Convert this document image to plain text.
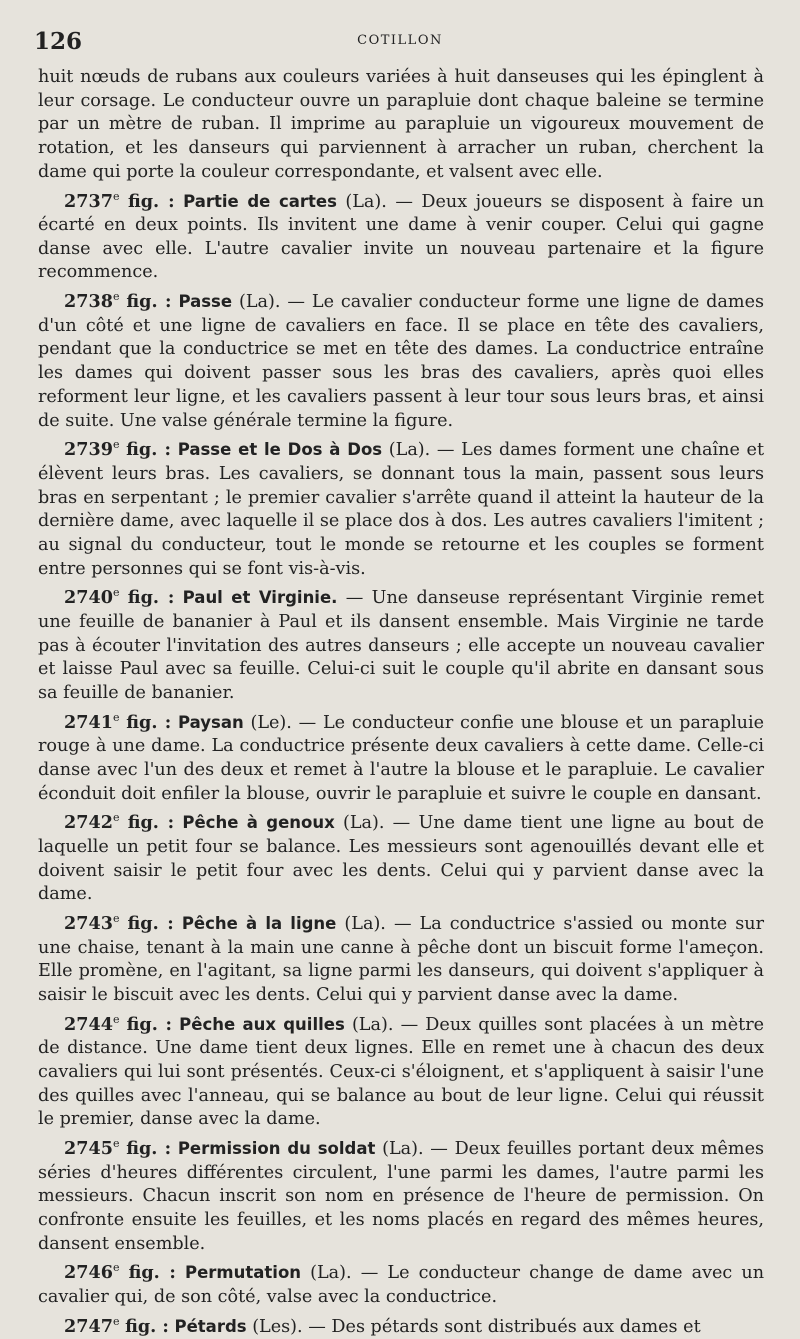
126	COTILLON

huit nœuds de rubans aux couleurs variées à huit danseuses qui les épinglent à leur corsage. Le conducteur ouvre un parapluie dont chaque baleine se termine par un mètre de ruban. Il imprime au parapluie un vigoureux mouvement de rotation, et les danseurs qui parviennent à arracher un ruban, cherchent la dame qui porte la couleur correspondante, et valsent avec elle.

2737e fig. : Partie de cartes (La). — Deux joueurs se disposent à faire un écarté en deux points. Ils invitent une dame à venir couper. Celui qui gagne danse avec elle. L'autre cavalier invite un nouveau partenaire et la figure recommence.

2738e fig. : Passe (La). — Le cavalier conducteur forme une ligne de dames d'un côté et une ligne de cavaliers en face. Il se place en tête des cavaliers, pendant que la conductrice se met en tête des dames. La conductrice entraîne les dames qui doivent passer sous les bras des cavaliers, après quoi elles reforment leur ligne, et les cavaliers passent à leur tour sous leurs bras, et ainsi de suite. Une valse générale termine la figure.

2739e fig. : Passe et le Dos à Dos (La). — Les dames forment une chaîne et élèvent leurs bras. Les cavaliers, se donnant tous la main, passent sous leurs bras en serpentant ; le premier cavalier s'arrête quand il atteint la hauteur de la dernière dame, avec laquelle il se place dos à dos. Les autres cavaliers l'imitent ; au signal du conducteur, tout le monde se retourne et les couples se forment entre personnes qui se font vis-à-vis.

2740e fig. : Paul et Virginie. — Une danseuse représentant Virginie remet une feuille de bananier à Paul et ils dansent ensemble. Mais Virginie ne tarde pas à écouter l'invitation des autres danseurs ; elle accepte un nouveau cavalier et laisse Paul avec sa feuille. Celui-ci suit le couple qu'il abrite en dansant sous sa feuille de bananier.

2741e fig. : Paysan (Le). — Le conducteur confie une blouse et un parapluie rouge à une dame. La conductrice présente deux cavaliers à cette dame. Celle-ci danse avec l'un des deux et remet à l'autre la blouse et le parapluie. Le cavalier éconduit doit enfiler la blouse, ouvrir le parapluie et suivre le couple en dansant.

2742e fig. : Pêche à genoux (La). — Une dame tient une ligne au bout de laquelle un petit four se balance. Les messieurs sont agenouillés devant elle et doivent saisir le petit four avec les dents. Celui qui y parvient danse avec la dame.

2743e fig. : Pêche à la ligne (La). — La conductrice s'assied ou monte sur une chaise, tenant à la main une canne à pêche dont un biscuit forme l'ameçon. Elle promène, en l'agitant, sa ligne parmi les danseurs, qui doivent s'appliquer à saisir le biscuit avec les dents. Celui qui y parvient danse avec la dame.

2744e fig. : Pêche aux quilles (La). — Deux quilles sont placées à un mètre de distance. Une dame tient deux lignes. Elle en remet une à chacun des deux cavaliers qui lui sont présentés. Ceux-ci s'éloignent, et s'appliquent à saisir l'une des quilles avec l'anneau, qui se balance au bout de leur ligne. Celui qui réussit le premier, danse avec la dame.

2745e fig. : Permission du soldat (La). — Deux feuilles portant deux mêmes séries d'heures différentes circulent, l'une parmi les dames, l'autre parmi les messieurs. Chacun inscrit son nom en présence de l'heure de permission. On confronte ensuite les feuilles, et les noms placés en regard des mêmes heures, dansent ensemble.

2746e fig. : Permutation (La). — Le conducteur change de dame avec un cavalier qui, de son côté, valse avec la conductrice.

2747e fig. : Pétards (Les). — Des pétards sont distribués aux dames et
